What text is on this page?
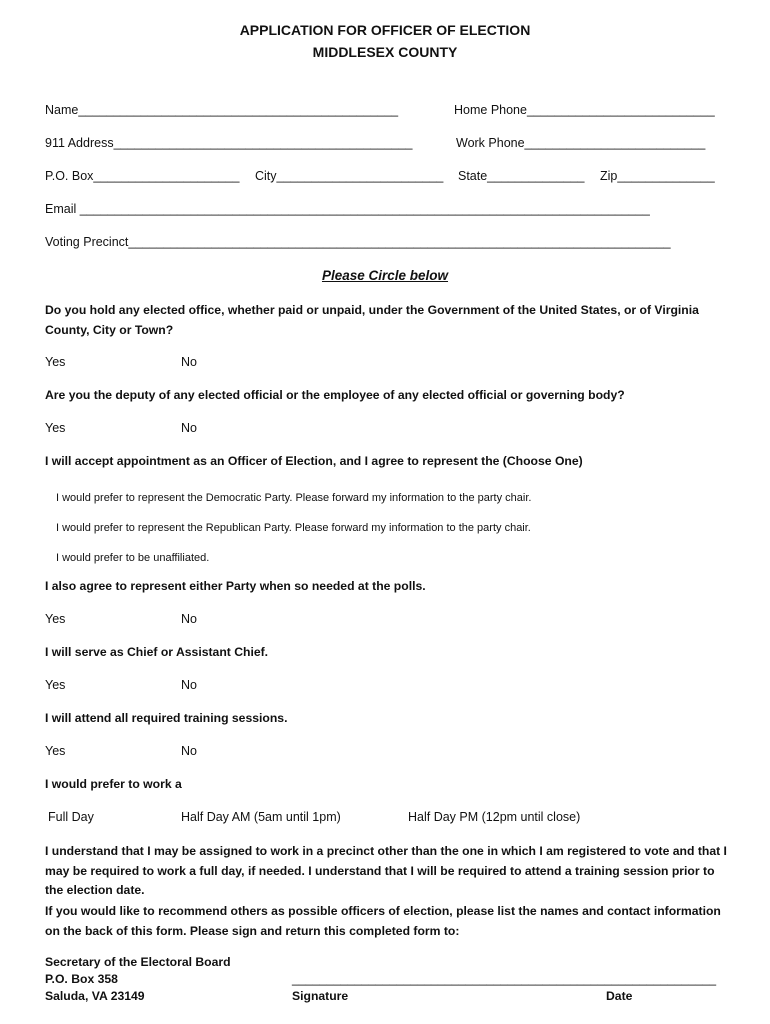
APPLICATION FOR OFFICER OF ELECTION
MIDDLESEX COUNTY
Name______________________________________________	Home Phone___________________________
911 Address___________________________________________	Work Phone__________________________
P.O. Box_____________________ City________________________ State______________ Zip______________
Email __________________________________________________________________________________
Voting Precinct______________________________________________________________________________
Please Circle below
Do you hold any elected office, whether paid or unpaid, under the Government of the United States, or of Virginia
County, City or Town?
Yes	No
Are you the deputy of any elected official or the employee of any elected official or governing body?
Yes	No
I will accept appointment as an Officer of Election, and I agree to represent the (Choose One)
I would prefer to represent the Democratic Party. Please forward my information to the party chair.
I would prefer to represent the Republican Party. Please forward my information to the party chair.
I would prefer to be unaffiliated.
I also agree to represent either Party when so needed at the polls.
Yes	No
I will serve as Chief or Assistant Chief.
Yes	No
I will attend all required training sessions.
Yes	No
I would prefer to work a
Full Day	Half Day AM (5am until 1pm)	Half Day PM (12pm until close)
I understand that I may be assigned to work in a precinct other than the one in which I am registered to vote and that I may be required to work a full day, if needed. I understand that I will be required to attend a training session prior to the election date.
If you would like to recommend others as possible officers of election, please list the names and contact information on the back of this form. Please sign and return this completed form to:
Secretary of the Electoral Board
P.O. Box 358
Saluda, VA 23149
_____________________________________________________________
Signature	Date
